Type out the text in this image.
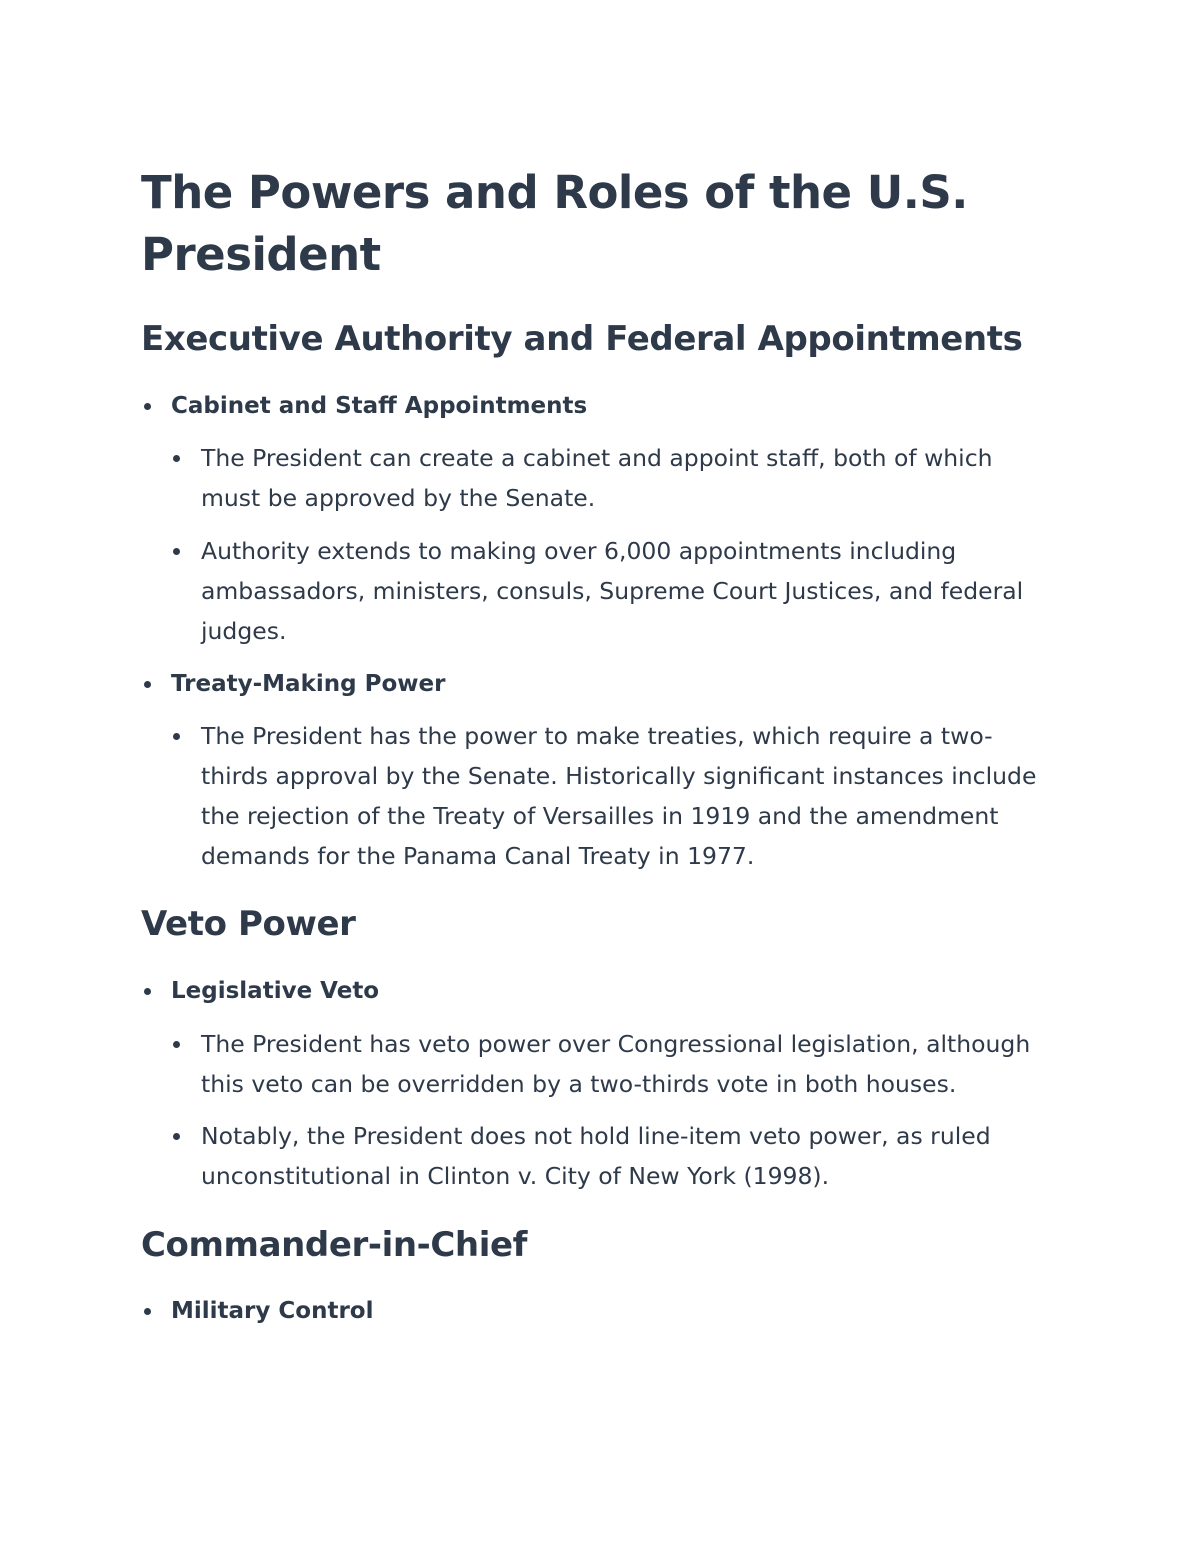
The Powers and Roles of the U.S. President
Executive Authority and Federal Appointments
Cabinet and Staff Appointments
The President can create a cabinet and appoint staff, both of which must be approved by the Senate.
Authority extends to making over 6,000 appointments including ambassadors, ministers, consuls, Supreme Court Justices, and federal judges.
Treaty-Making Power
The President has the power to make treaties, which require a two-thirds approval by the Senate. Historically significant instances include the rejection of the Treaty of Versailles in 1919 and the amendment demands for the Panama Canal Treaty in 1977.
Veto Power
Legislative Veto
The President has veto power over Congressional legislation, although this veto can be overridden by a two-thirds vote in both houses.
Notably, the President does not hold line-item veto power, as ruled unconstitutional in Clinton v. City of New York (1998).
Commander-in-Chief
Military Control
